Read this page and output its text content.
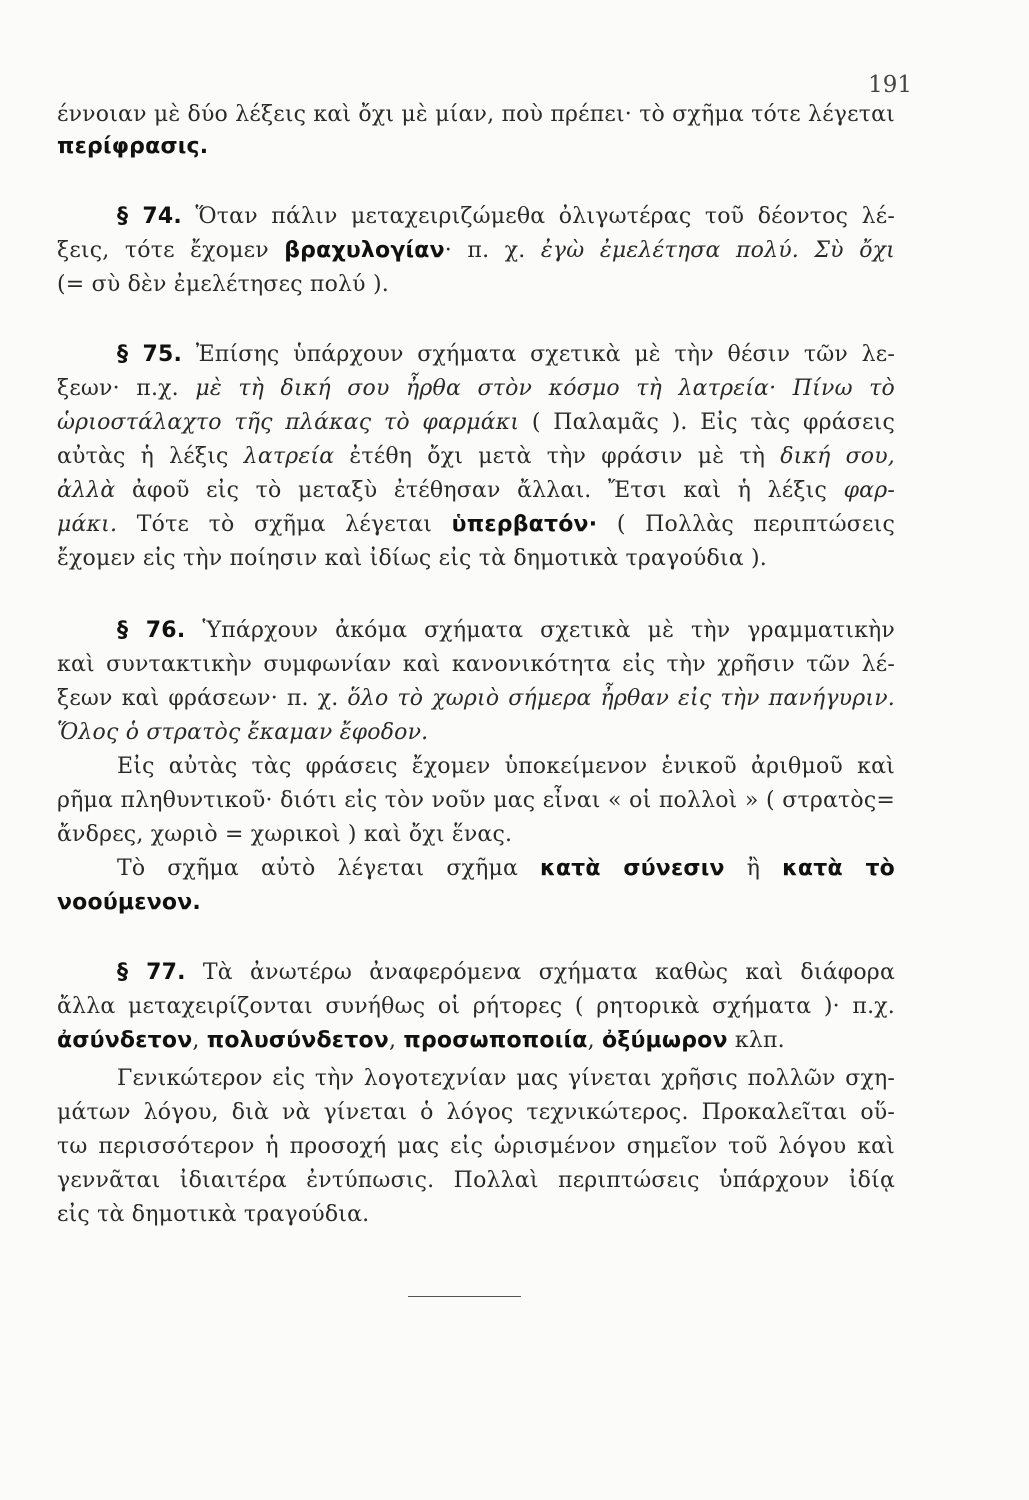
191
έννοιαν μὲ δύο λέξεις καὶ ὄχι μὲ μίαν, ποὺ πρέπει· τὸ σχῆμα τότε λέγεται
περίφρασις.
§ 74. Ὅταν πάλιν μεταχειριζώμεθα ὀλιγωτέρας τοῦ δέοντος λέ-
ξεις, τότε ἔχομεν βραχυλογίαν· π. χ. ἐγὼ ἐμελέτησα πολύ. Σὺ ὄχι
(= σὺ δὲν ἐμελέτησες πολύ ).
§ 75. Ἐπίσης ὑπάρχουν σχήματα σχετικὰ μὲ τὴν θέσιν τῶν λε-
ξεων· π.χ. μὲ τὴ δική σου ἦρθα στὸν κόσμο τὴ λατρεία· Πίνω τὸ
ὡριοστάλαχτο τῆς πλάκας τὸ φαρμάκι ( Παλαμᾶς ). Εἰς τὰς φράσεις
αὐτὰς ἡ λέξις λατρεία ἐτέθη ὄχι μετὰ τὴν φράσιν μὲ τὴ δική σου,
ἀλλὰ ἀφοῦ εἰς τὸ μεταξὺ ἐτέθησαν ἄλλαι. Ἔτσι καὶ ἡ λέξις φαρ-
μάκι. Τότε τὸ σχῆμα λέγεται ὑπερβατόν· ( Πολλὰς περιπτώσεις
ἔχομεν εἰς τὴν ποίησιν καὶ ἰδίως εἰς τὰ δημοτικὰ τραγούδια ).
§ 76. Ὑπάρχουν ἀκόμα σχήματα σχετικὰ μὲ τὴν γραμματικὴν
καὶ συντακτικὴν συμφωνίαν καὶ κανονικότητα εἰς τὴν χρῆσιν τῶν λέ-
ξεων καὶ φράσεων· π. χ. ὅλο τὸ χωριὸ σήμερα ἦρθαν εἰς τὴν πανήγυριν.
Ὅλος ὁ στρατὸς ἔκαμαν ἔφοδον.
Εἰς αὐτὰς τὰς φράσεις ἔχομεν ὑποκείμενον ἑνικοῦ ἀριθμοῦ καὶ
ρῆμα πληθυντικοῦ· διότι εἰς τὸν νοῦν μας εἶναι « οἱ πολλοὶ » ( στρατὸς=
ἄνδρες, χωριὸ = χωρικοὶ ) καὶ ὄχι ἕνας.
Τὸ σχῆμα αὐτὸ λέγεται σχῆμα κατὰ σύνεσιν ἢ κατὰ τὸ
νοούμενον.
§ 77. Τὰ ἀνωτέρω ἀναφερόμενα σχήματα καθὼς καὶ διάφορα
ἄλλα μεταχειρίζονται συνήθως οἱ ρήτορες ( ρητορικὰ σχήματα )· π.χ.
ἀσύνδετον, πολυσύνδετον, προσωποποιία, ὀξύμωρον κλπ.
Γενικώτερον εἰς τὴν λογοτεχνίαν μας γίνεται χρῆσις πολλῶν σχη-
μάτων λόγου, διὰ νὰ γίνεται ὁ λόγος τεχνικώτερος. Προκαλεῖται οὕ-
τω περισσότερον ἡ προσοχή μας εἰς ὡρισμένον σημεῖον τοῦ λόγου καὶ
γεννᾶται ἰδιαιτέρα ἐντύπωσις. Πολλαὶ περιπτώσεις ὑπάρχουν ἰδίᾳ
εἰς τὰ δημοτικὰ τραγούδια.
